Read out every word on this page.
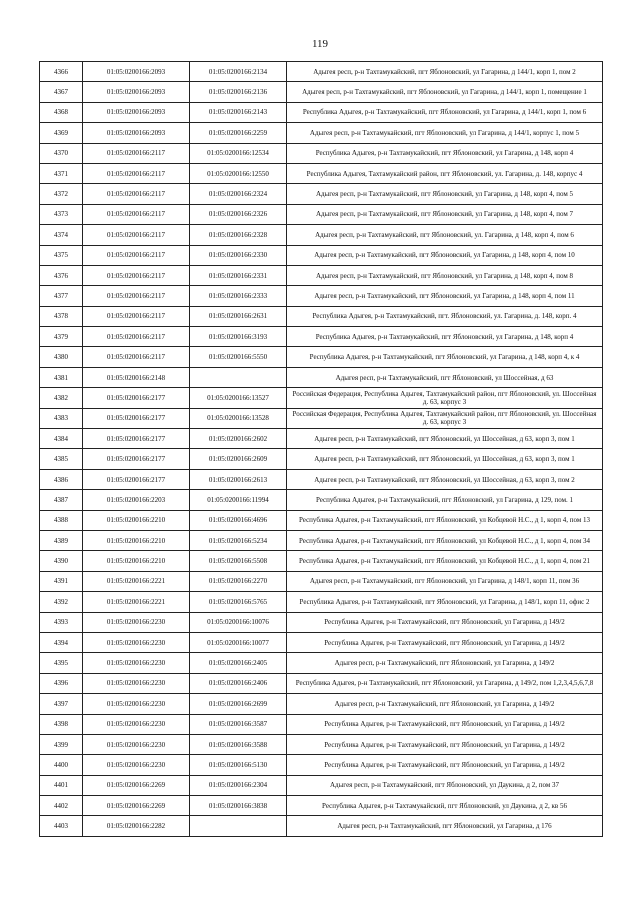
119
4366	01:05:0200166:2093	01:05:0200166:2134	Адыгея респ, р-н Тахтамукайский, пгт Яблоновский, ул Гагарина, д 144/1, корп 1, пом 2
4367	01:05:0200166:2093	01:05:0200166:2136	Адыгея респ, р-н Тахтамукайский, пгт Яблоновский, ул Гагарина, д 144/1, корп 1, помещение 1
4368	01:05:0200166:2093	01:05:0200166:2143	Республика Адыгея, р-н Тахтамукайский, пгт Яблоновский, ул Гагарина, д 144/1, корп 1, пом 6
4369	01:05:0200166:2093	01:05:0200166:2259	Адыгея респ, р-н Тахтамукайский, пгт Яблоновский, ул Гагарина, д 144/1, корпус 1, пом 5
4370	01:05:0200166:2117	01:05:0200166:12534	Республика Адыгея, р-н Тахтамукайский, пгт Яблоновский, ул Гагарина, д 148, корп 4
4371	01:05:0200166:2117	01:05:0200166:12550	Республика Адыгея, Тахтамукайский район, пгт Яблоновский, ул. Гагарина, д. 148, корпус 4
4372	01:05:0200166:2117	01:05:0200166:2324	Адыгея респ, р-н Тахтамукайский, пгт Яблоновский, ул Гагарина, д 148, корп 4, пом 5
4373	01:05:0200166:2117	01:05:0200166:2326	Адыгея респ, р-н Тахтамукайский, пгт Яблоновский, ул Гагарина, д 148, корп 4, пом 7
4374	01:05:0200166:2117	01:05:0200166:2328	Адыгея респ, р-н Тахтамукайский, пгт Яблоновский, ул. Гагарина, д 148, корп 4, пом 6
4375	01:05:0200166:2117	01:05:0200166:2330	Адыгея респ, р-н Тахтамукайский, пгт Яблоновский, ул Гагарина, д 148, корп 4, пом 10
4376	01:05:0200166:2117	01:05:0200166:2331	Адыгея респ, р-н Тахтамукайский, пгт Яблоновский, ул Гагарина, д 148, корп 4, пом 8
4377	01:05:0200166:2117	01:05:0200166:2333	Адыгея респ, р-н Тахтамукайский, пгт Яблоновский, ул Гагарина, д 148, корп 4, пом 11
4378	01:05:0200166:2117	01:05:0200166:2631	Республика Адыгея, р-н Тахтамукайский, пгт. Яблоновский, ул. Гагарина, д. 148, корп. 4
4379	01:05:0200166:2117	01:05:0200166:3193	Республика Адыгея, р-н Тахтамукайский, пгт Яблоновский, ул Гагарина, д 148, корп 4
4380	01:05:0200166:2117	01:05:0200166:5550	Республика Адыгея, р-н Тахтамукайский, пгт Яблоновский, ул Гагарина, д 148, корп 4, к 4
4381	01:05:0200166:2148		Адыгея респ, р-н Тахтамукайский, пгт Яблоновский, ул Шоссейная, д 63
4382	01:05:0200166:2177	01:05:0200166:13527	Российская Федерация, Республика Адыгея, Тахтамукайский район, пгт Яблоновский, ул. Шоссейная д. 63, корпус 3
4383	01:05:0200166:2177	01:05:0200166:13528	Российская Федерация, Республика Адыгея, Тахтамукайский район, пгт Яблоновский, ул. Шоссейная д. 63, корпус 3
4384	01:05:0200166:2177	01:05:0200166:2602	Адыгея респ, р-н Тахтамукайский, пгт Яблоновский, ул Шоссейная, д 63, корп 3, пом 1
4385	01:05:0200166:2177	01:05:0200166:2609	Адыгея респ, р-н Тахтамукайский, пгт Яблоновский, ул Шоссейная, д 63, корп 3, пом 1
4386	01:05:0200166:2177	01:05:0200166:2613	Адыгея респ, р-н Тахтамукайский, пгт Яблоновский, ул Шоссейная, д 63, корп 3, пом 2
4387	01:05:0200166:2203	01:05:0200166:11994	Республика Адыгея, р-н Тахтамукайский, пгт Яблоновский, ул Гагарина, д 129, пом. 1
4388	01:05:0200166:2210	01:05:0200166:4696	Республика Адыгея, р-н Тахтамукайский, пгт Яблоновский, ул Кобцевой Н.С., д 1, корп 4, пом 13
4389	01:05:0200166:2210	01:05:0200166:5234	Республика Адыгея, р-н Тахтамукайский, пгт Яблоновский, ул Кобцевой Н.С., д 1, корп 4, пом 34
4390	01:05:0200166:2210	01:05:0200166:5508	Республика Адыгея, р-н Тахтамукайский, пгт Яблоновский, ул Кобцевой Н.С., д 1, корп 4, пом 21
4391	01:05:0200166:2221	01:05:0200166:2270	Адыгея респ, р-н Тахтамукайский, пгт Яблоновский, ул Гагарина, д 148/1, корп 11, пом 36
4392	01:05:0200166:2221	01:05:0200166:5765	Республика Адыгея, р-н Тахтамукайский, пгт Яблоновский, ул Гагарина, д 148/1, корп 11, офис 2
4393	01:05:0200166:2230	01:05:0200166:10076	Республика Адыгея, р-н Тахтамукайский, пгт Яблоновский, ул Гагарина, д 149/2
4394	01:05:0200166:2230	01:05:0200166:10077	Республика Адыгея, р-н Тахтамукайский, пгт Яблоновский, ул Гагарина, д 149/2
4395	01:05:0200166:2230	01:05:0200166:2405	Адыгея респ, р-н Тахтамукайский, пгт Яблоновский, ул Гагарина, д 149/2
4396	01:05:0200166:2230	01:05:0200166:2406	Республика Адыгея, р-н Тахтамукайский, пгт Яблоновский, ул Гагарина, д 149/2, пом 1,2,3,4,5,6,7,8
4397	01:05:0200166:2230	01:05:0200166:2699	Адыгея респ, р-н Тахтамукайский, пгт Яблоновский, ул Гагарина, д 149/2
4398	01:05:0200166:2230	01:05:0200166:3587	Республика Адыгея, р-н Тахтамукайский, пгт Яблоновский, ул Гагарина, д 149/2
4399	01:05:0200166:2230	01:05:0200166:3588	Республика Адыгея, р-н Тахтамукайский, пгт Яблоновский, ул Гагарина, д 149/2
4400	01:05:0200166:2230	01:05:0200166:5130	Республика Адыгея, р-н Тахтамукайский, пгт Яблоновский, ул Гагарина, д 149/2
4401	01:05:0200166:2269	01:05:0200166:2304	Адыгея респ, р-н Тахтамукайский, пгт Яблоновский, ул Даукина, д 2, пом 37
4402	01:05:0200166:2269	01:05:0200166:3838	Республика Адыгея, р-н Тахтамукайский, пгт Яблоновский, ул Даукина, д 2, кв 56
4403	01:05:0200166:2282		Адыгея респ, р-н Тахтамукайский, пгт Яблоновский, ул Гагарина, д 176
